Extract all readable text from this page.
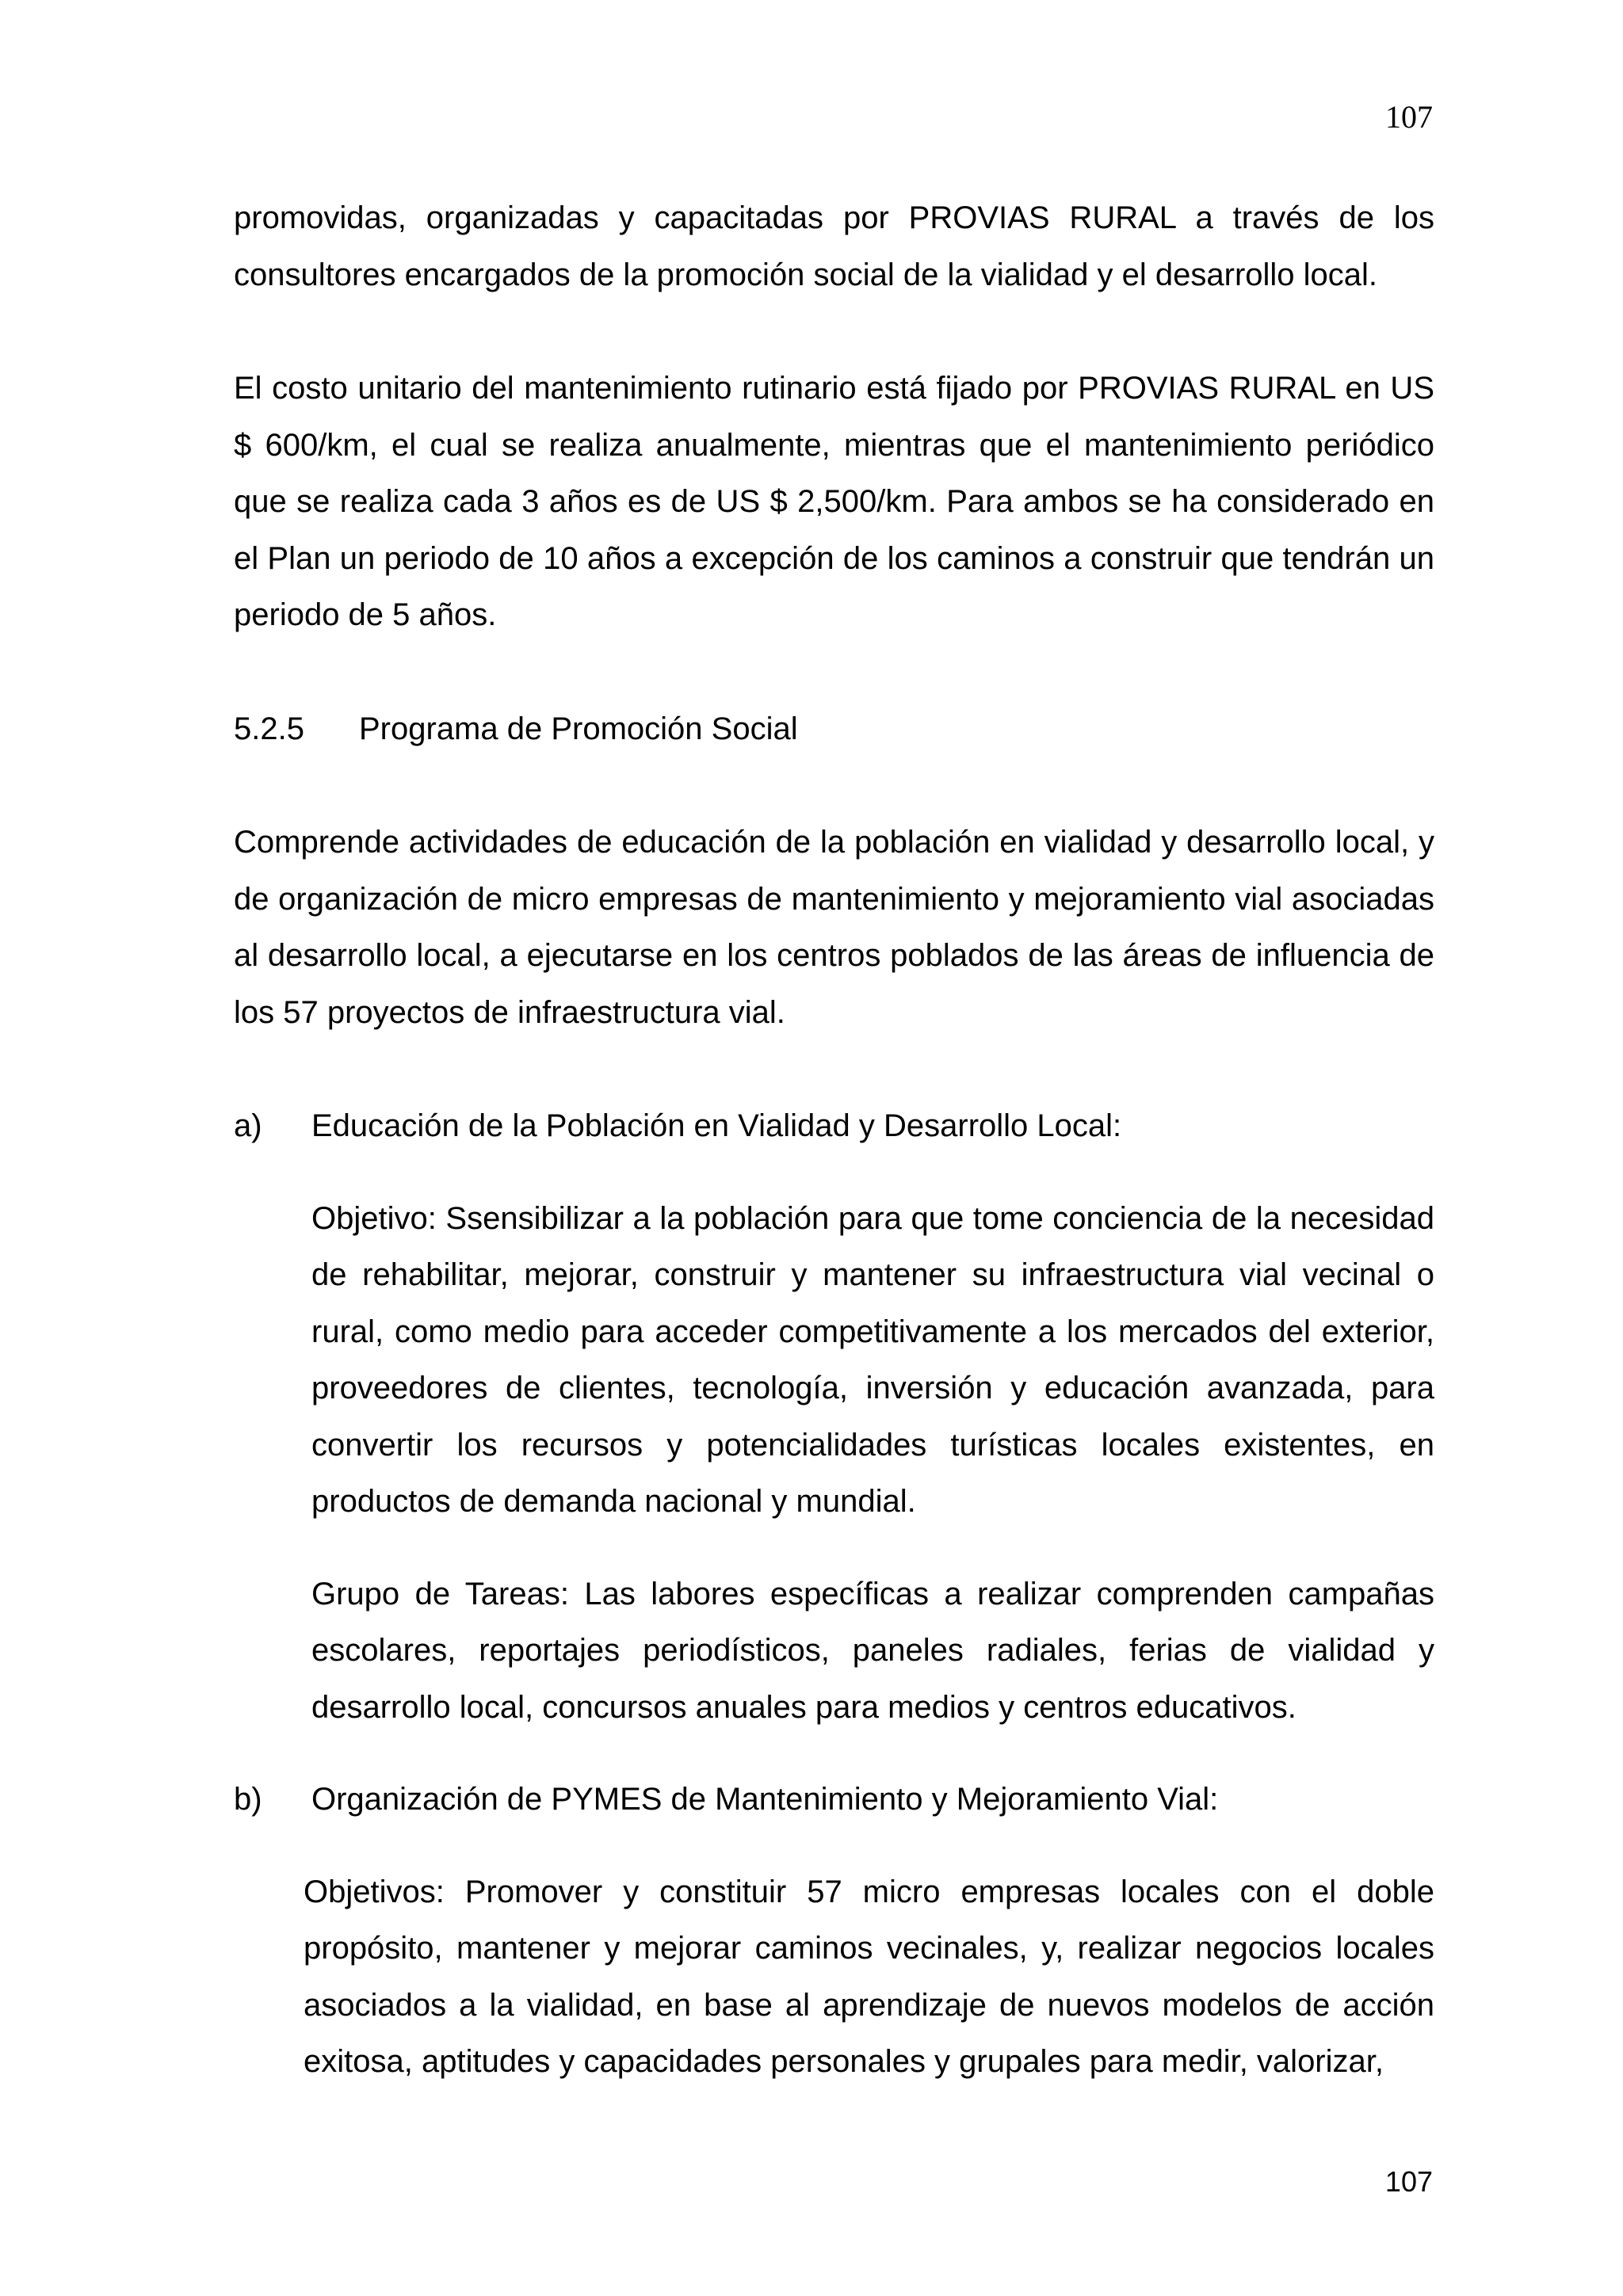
107

promovidas, organizadas y capacitadas por PROVIAS RURAL a través de los consultores encargados de la promoción social de la vialidad y el desarrollo local.

El costo unitario del mantenimiento rutinario está fijado por PROVIAS RURAL en US $ 600/km, el cual se realiza anualmente, mientras que el mantenimiento periódico que se realiza cada 3 años es de US $ 2,500/km. Para ambos se ha considerado en el Plan un periodo de 10 años a excepción de los caminos a construir que tendrán un periodo de 5 años.

5.2.5	Programa de Promoción Social

Comprende actividades de educación de la población en vialidad y desarrollo local, y de organización de micro empresas de mantenimiento y mejoramiento vial asociadas al desarrollo local, a ejecutarse en los centros poblados de las áreas de influencia de los 57 proyectos de infraestructura vial.

a)	Educación de la Población en Vialidad y Desarrollo Local:

Objetivo: Ssensibilizar a la población para que tome conciencia de la necesidad de rehabilitar, mejorar, construir y mantener su infraestructura vial vecinal o rural, como medio para acceder competitivamente a los mercados del exterior, proveedores de clientes, tecnología, inversión y educación avanzada, para convertir los recursos y potencialidades turísticas locales existentes, en productos de demanda nacional y mundial.

Grupo de Tareas: Las labores específicas a realizar comprenden campañas escolares, reportajes periodísticos, paneles radiales, ferias de vialidad y desarrollo local, concursos anuales para medios y centros educativos.

b)	Organización de PYMES de Mantenimiento y Mejoramiento Vial:

Objetivos: Promover y constituir 57 micro empresas locales con el doble propósito, mantener y mejorar caminos vecinales, y, realizar negocios locales asociados a la vialidad, en base al aprendizaje de nuevos modelos de acción exitosa, aptitudes y capacidades personales y grupales para medir, valorizar,

107
